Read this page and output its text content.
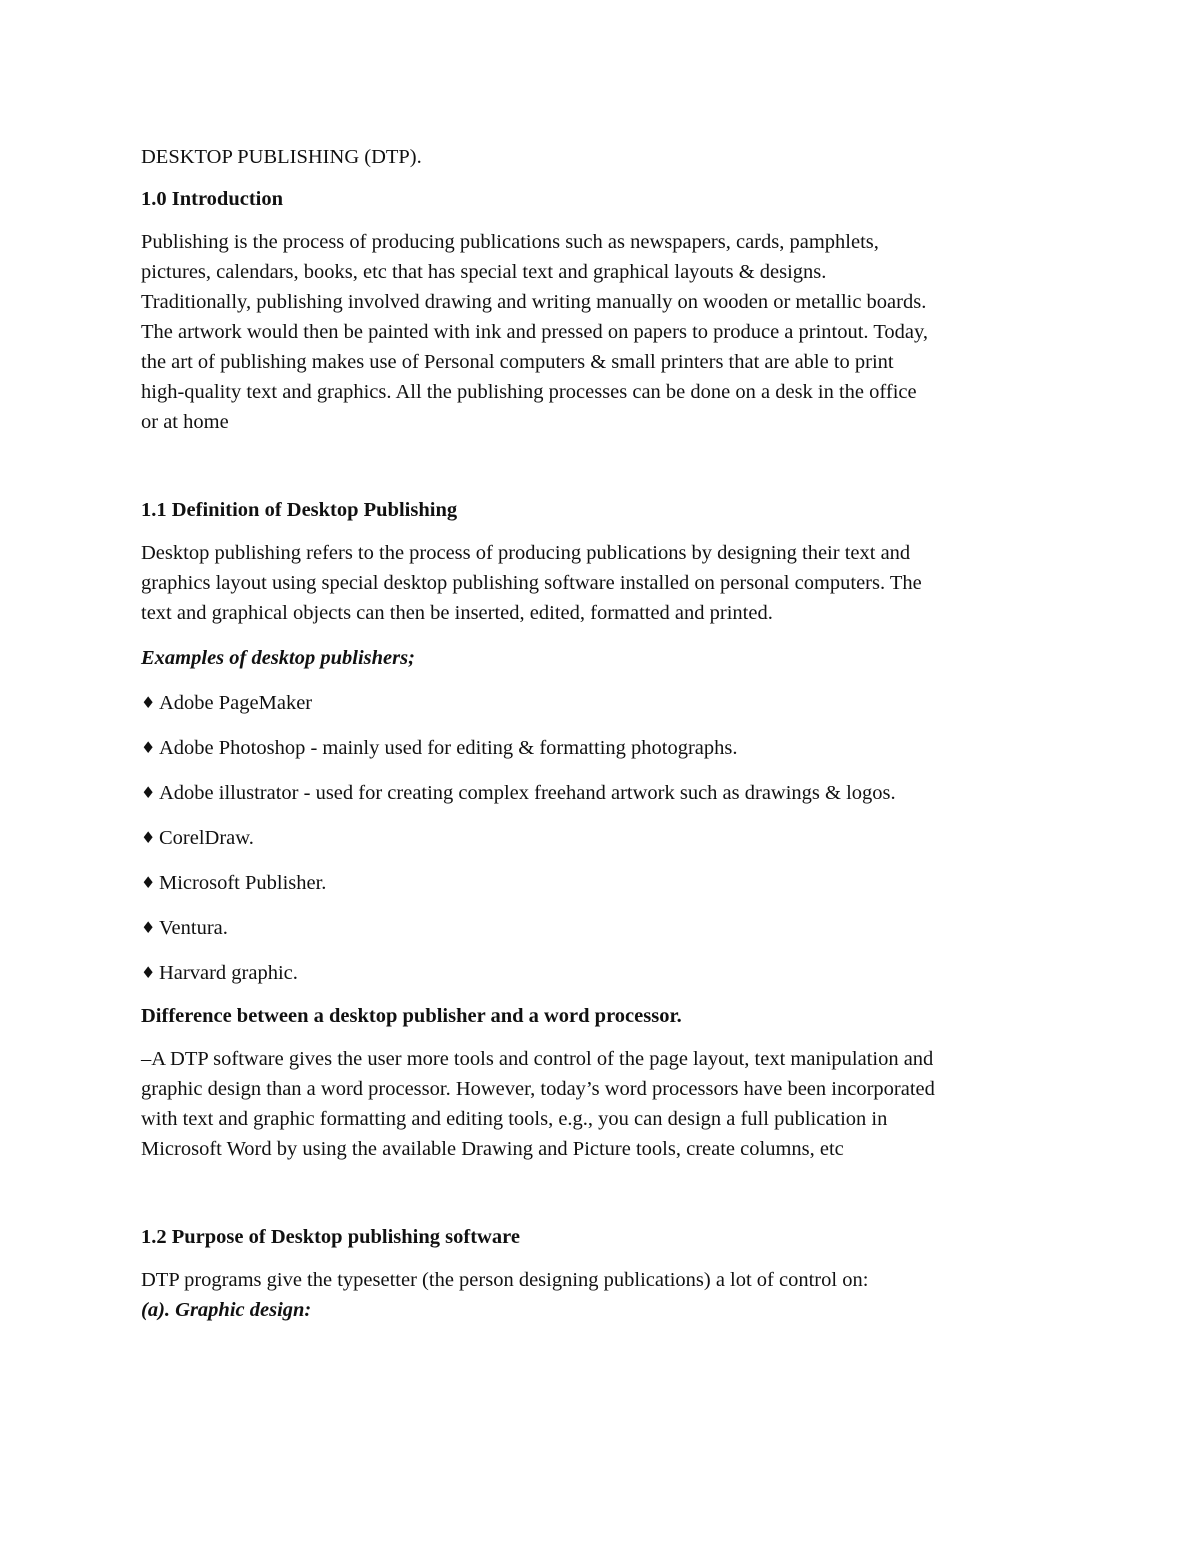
DESKTOP PUBLISHING (DTP).

1.0 Introduction

Publishing is the process of producing publications such as newspapers, cards, pamphlets,

pictures, calendars, books, etc that has special text and graphical layouts & designs.

Traditionally, publishing involved drawing and writing manually on wooden or metallic boards.

The artwork would then be painted with ink and pressed on papers to produce a printout. Today,

the art of publishing makes use of Personal computers & small printers that are able to print

high-quality text and graphics. All the publishing processes can be done on a desk in the office

or at home

1.1 Definition of Desktop Publishing

Desktop publishing refers to the process of producing publications by designing their text and

graphics layout using special desktop publishing software installed on personal computers. The

text and graphical objects can then be inserted, edited, formatted and printed.

Examples of desktop publishers;

♦ Adobe PageMaker
♦ Adobe Photoshop - mainly used for editing & formatting photographs.
♦ Adobe illustrator - used for creating complex freehand artwork such as drawings & logos.
♦ CorelDraw.
♦ Microsoft Publisher.
♦ Ventura.
♦ Harvard graphic.

Difference between a desktop publisher and a word processor.

–A DTP software gives the user more tools and control of the page layout, text manipulation and

graphic design than a word processor. However, today’s word processors have been incorporated

with text and graphic formatting and editing tools, e.g., you can design a full publication in

Microsoft Word by using the available Drawing and Picture tools, create columns, etc

1.2 Purpose of Desktop publishing software

DTP programs give the typesetter (the person designing publications) a lot of control on:

(a). Graphic design:
